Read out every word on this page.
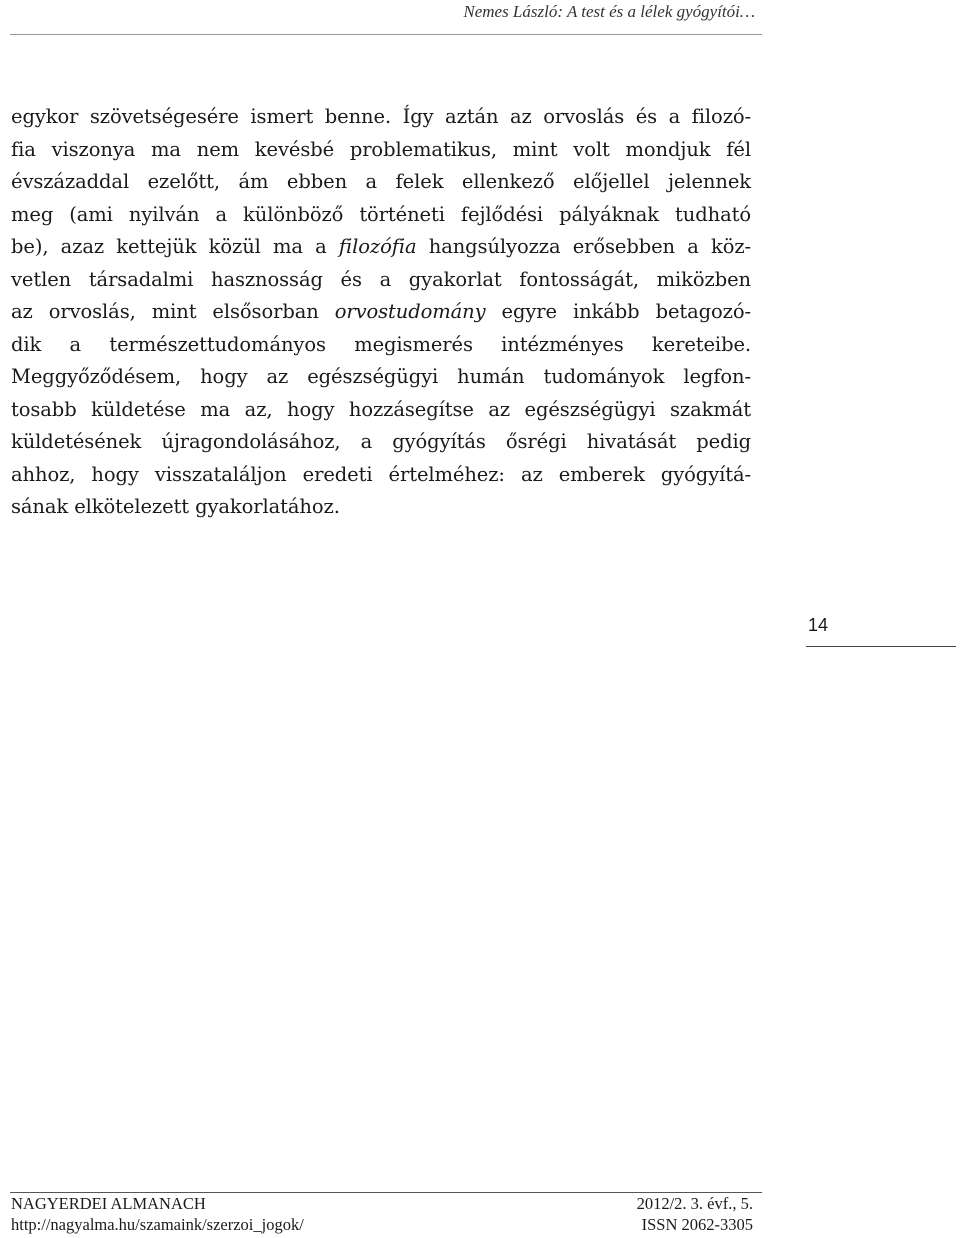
Nemes László: A test és a lélek gyógyítói…
egykor szövetségesére ismert benne. Így aztán az orvoslás és a filozó-
fia viszonya ma nem kevésbé problematikus, mint volt mondjuk fél
évszázaddal ezelőtt, ám ebben a felek ellenkező előjellel jelennek
meg (ami nyilván a különböző történeti fejlődési pályáknak tudható
be), azaz kettejük közül ma a filozófia hangsúlyozza erősebben a köz-
vetlen társadalmi hasznosság és a gyakorlat fontosságát, miközben
az orvoslás, mint elsősorban orvostudomány egyre inkább betagozó-
dik a természettudományos megismerés intézményes kereteibe.
Meggyőződésem, hogy az egészségügyi humán tudományok legfon-
tosabb küldetése ma az, hogy hozzásegítse az egészségügyi szakmát
küldetésének újragondolásához, a gyógyítás ősrégi hivatását pedig
ahhoz, hogy visszataláljon eredeti értelméhez: az emberek gyógyítá-
sának elkötelezett gyakorlatához.
14
NAGYERDEI ALMANACH	2012/2. 3. évf., 5.
http://nagyalma.hu/szamaink/szerzoi_jogok/	ISSN 2062-3305
